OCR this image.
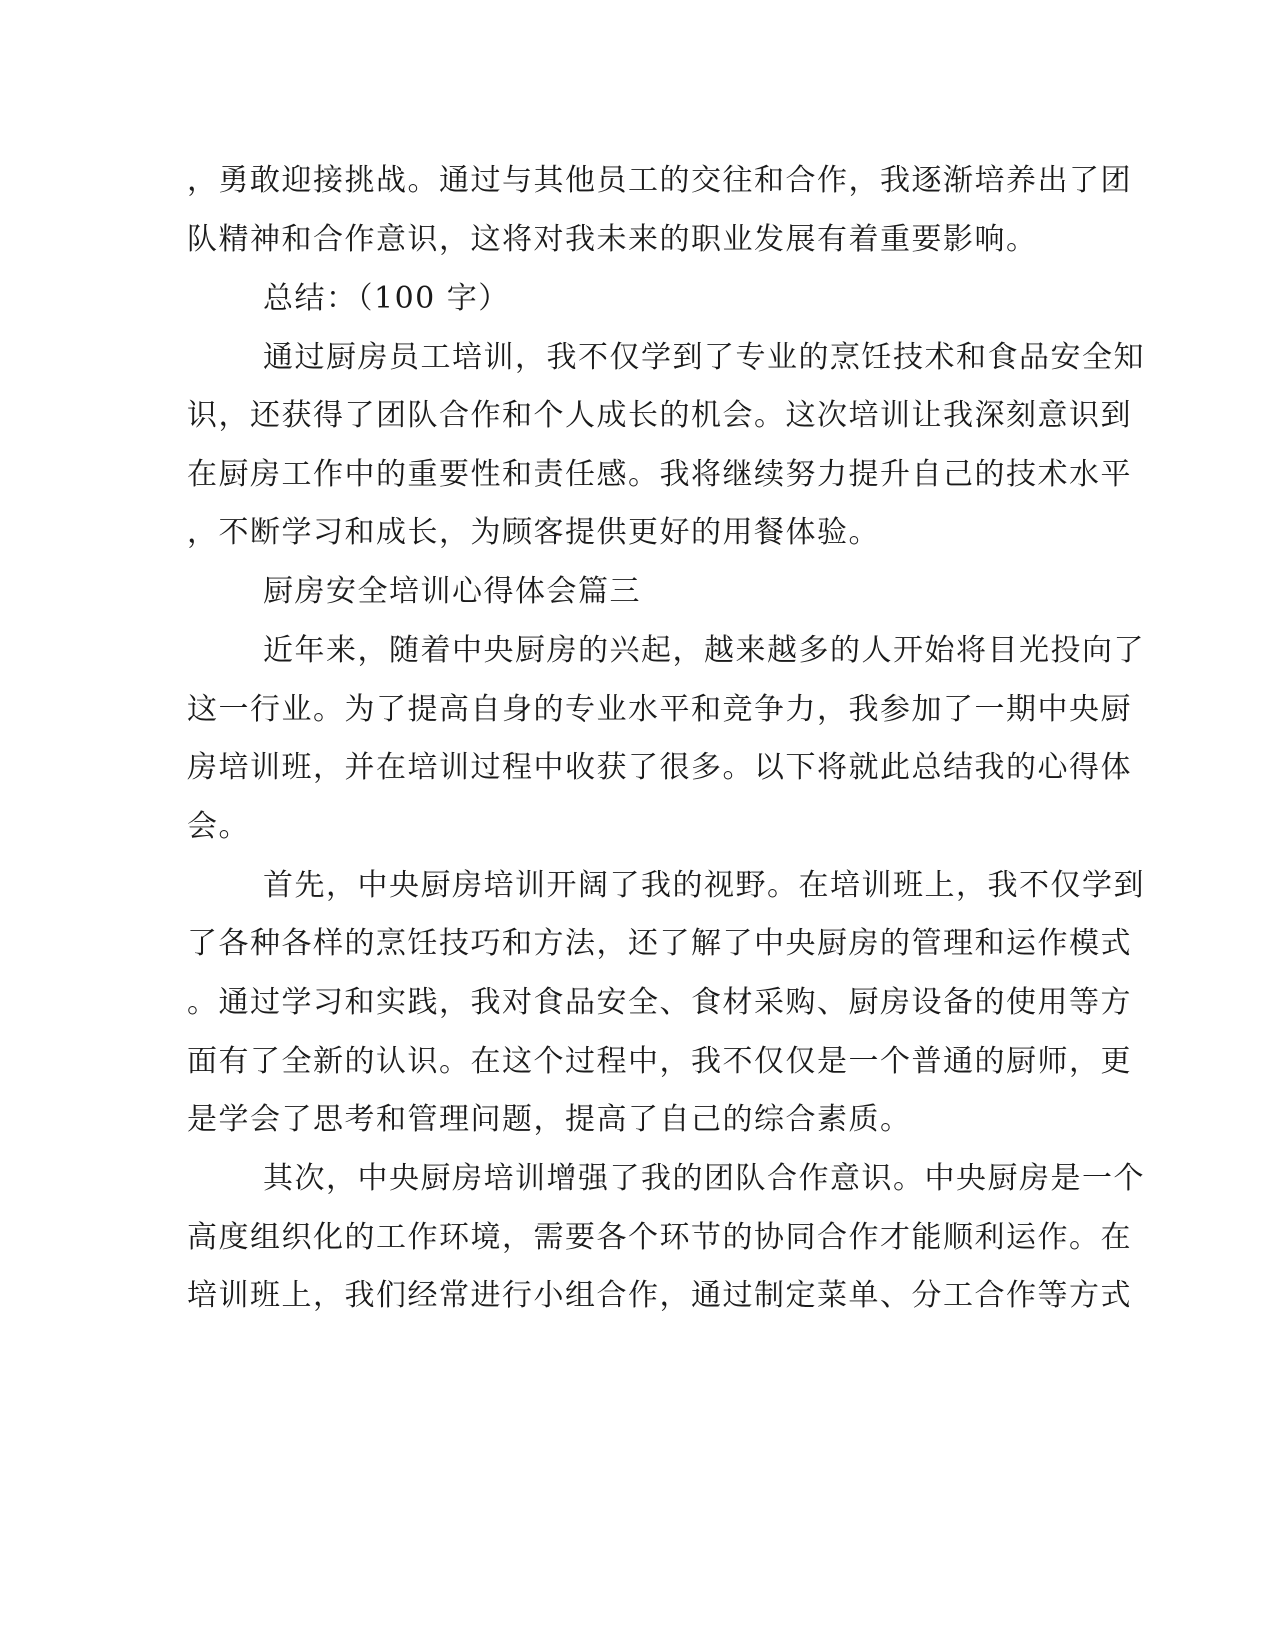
，勇敢迎接挑战。通过与其他员工的交往和合作，我逐渐培养出了团
队精神和合作意识，这将对我未来的职业发展有着重要影响。
总结：（100 字）
通过厨房员工培训，我不仅学到了专业的烹饪技术和食品安全知
识，还获得了团队合作和个人成长的机会。这次培训让我深刻意识到
在厨房工作中的重要性和责任感。我将继续努力提升自己的技术水平
，不断学习和成长，为顾客提供更好的用餐体验。
厨房安全培训心得体会篇三
近年来，随着中央厨房的兴起，越来越多的人开始将目光投向了
这一行业。为了提高自身的专业水平和竞争力，我参加了一期中央厨
房培训班，并在培训过程中收获了很多。以下将就此总结我的心得体
会。
首先，中央厨房培训开阔了我的视野。在培训班上，我不仅学到
了各种各样的烹饪技巧和方法，还了解了中央厨房的管理和运作模式
。通过学习和实践，我对食品安全、食材采购、厨房设备的使用等方
面有了全新的认识。在这个过程中，我不仅仅是一个普通的厨师，更
是学会了思考和管理问题，提高了自己的综合素质。
其次，中央厨房培训增强了我的团队合作意识。中央厨房是一个
高度组织化的工作环境，需要各个环节的协同合作才能顺利运作。在
培训班上，我们经常进行小组合作，通过制定菜单、分工合作等方式
